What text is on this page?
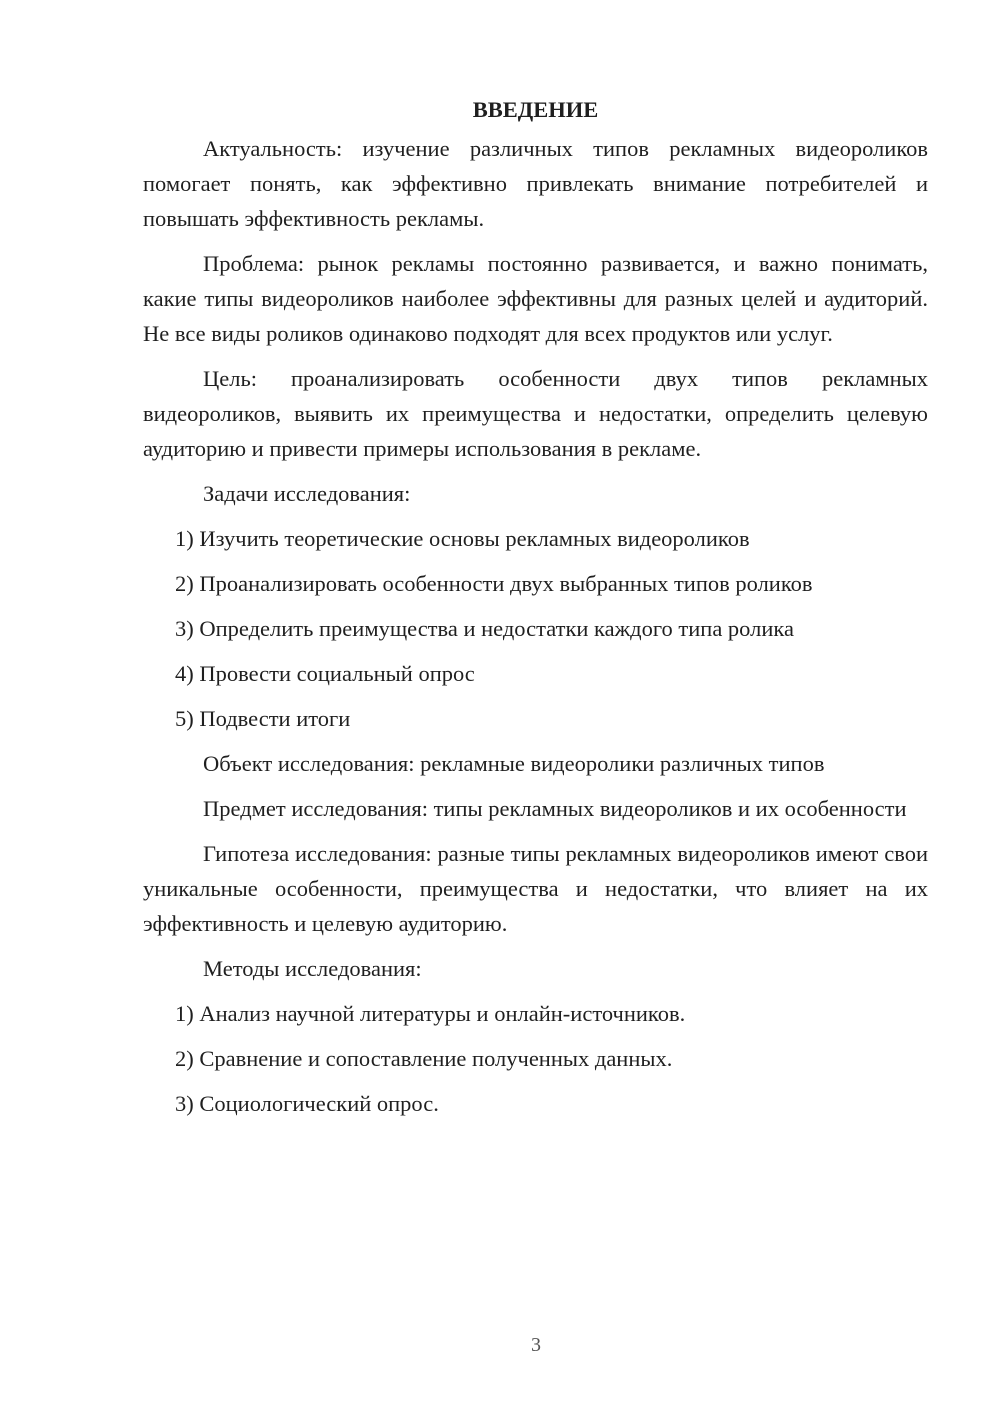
ВВЕДЕНИЕ

Актуальность: изучение различных типов рекламных видеороликов помогает понять, как эффективно привлекать внимание потребителей и повышать эффективность рекламы.

Проблема: рынок рекламы постоянно развивается, и важно понимать, какие типы видеороликов наиболее эффективны для разных целей и аудиторий. Не все виды роликов одинаково подходят для всех продуктов или услуг.

Цель: проанализировать особенности двух типов рекламных видеороликов, выявить их преимущества и недостатки, определить целевую аудиторию и привести примеры использования в рекламе.

Задачи исследования:

1) Изучить теоретические основы рекламных видеороликов
2) Проанализировать особенности двух выбранных типов роликов
3) Определить преимущества и недостатки каждого типа ролика
4) Провести социальный опрос
5) Подвести итоги

Объект исследования: рекламные видеоролики различных типов

Предмет исследования: типы рекламных видеороликов и их особенности

Гипотеза исследования: разные типы рекламных видеороликов имеют свои уникальные особенности, преимущества и недостатки, что влияет на их эффективность и целевую аудиторию.

Методы исследования:

1) Анализ научной литературы и онлайн-источников.
2) Сравнение и сопоставление полученных данных.
3) Социологический опрос.
3
